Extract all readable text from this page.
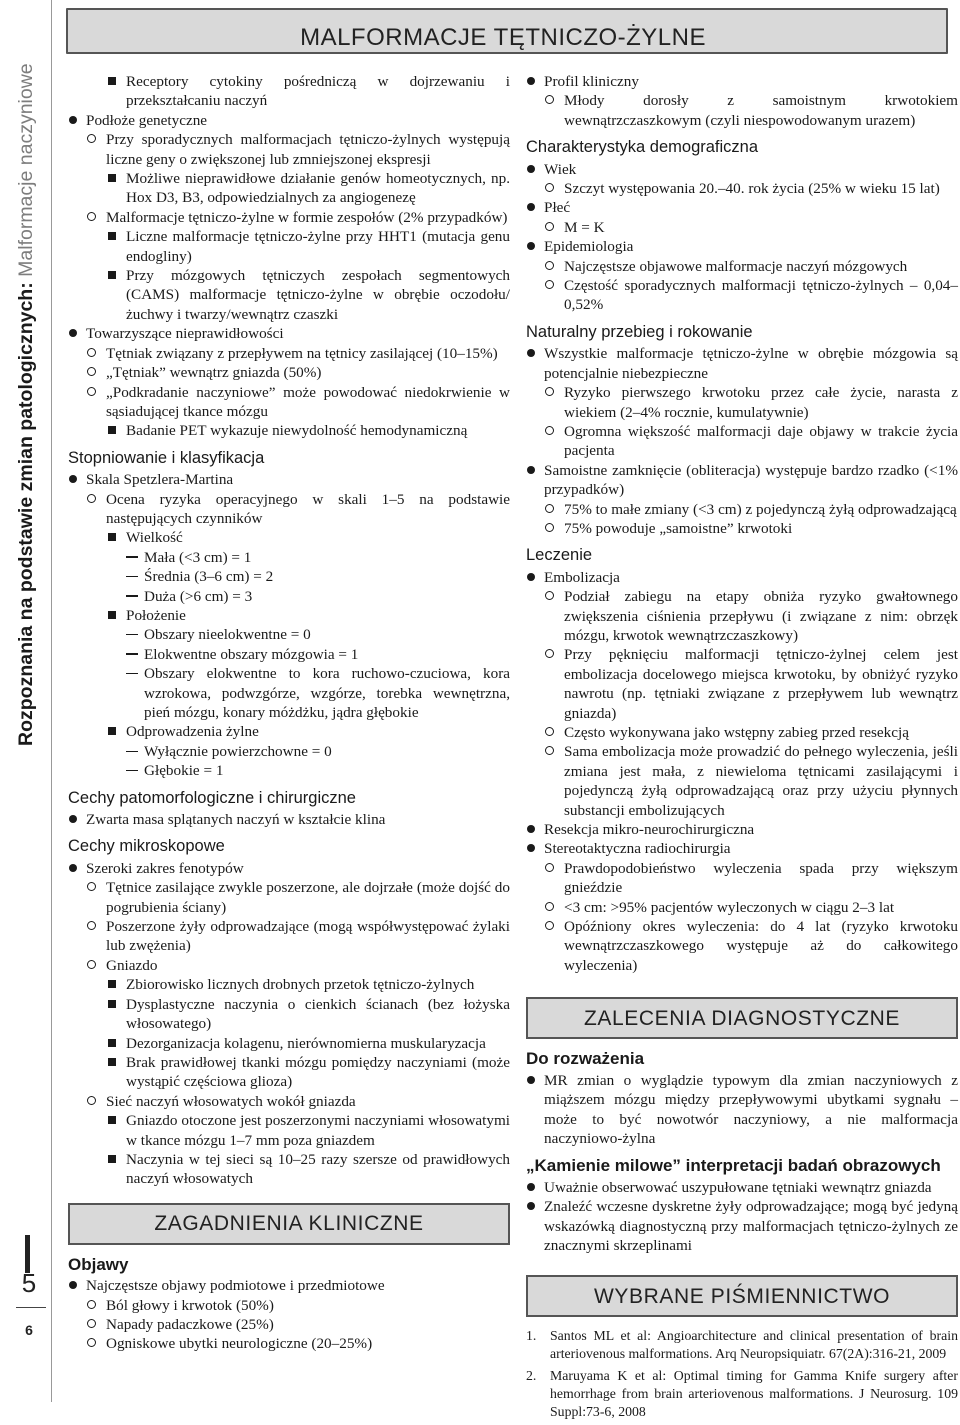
Rozpoznania na podstawie zmian patologicznych: Malformacje naczyniowe
5
6
MALFORMACJE TĘTNICZO-ŻYLNE
Receptory cytokiny pośredniczą w dojrzewaniu i przekształcaniu naczyń
Podłoże genetyczne
Przy sporadycznych malformacjach tętniczo-żylnych występują liczne geny o zwiększonej lub zmniejszonej ekspresji
Możliwe nieprawidłowe działanie genów homeotycznych, np. Hox D3, B3, odpowiedzialnych za angiogenezę
Malformacje tętniczo-żylne w formie zespołów (2% przypadków)
Liczne malformacje tętniczo-żylne przy HHT1 (mutacja genu endogliny)
Przy mózgowych tętniczych zespołach segmentowych (CAMS) malformacje tętniczo-żylne w obrębie oczodołu/żuchwy i twarzy/wewnątrz czaszki
Towarzyszące nieprawidłowości
Tętniak związany z przepływem na tętnicy zasilającej (10–15%)
„Tętniak” wewnątrz gniazda (50%)
„Podkradanie naczyniowe” może powodować niedokrwienie w sąsiadującej tkance mózgu
Badanie PET wykazuje niewydolność hemodynamiczną
Stopniowanie i klasyfikacja
Skala Spetzlera-Martina
Ocena ryzyka operacyjnego w skali 1–5 na podstawie następujących czynników
Wielkość
Mała (<3 cm) = 1
Średnia (3–6 cm) = 2
Duża (>6 cm) = 3
Położenie
Obszary nieelokwentne = 0
Elokwentne obszary mózgowia = 1
Obszary elokwentne to kora ruchowo-czuciowa, kora wzrokowa, podwzgórze, wzgórze, torebka wewnętrzna, pień mózgu, konary móżdżku, jądra głębokie
Odprowadzenia żylne
Wyłącznie powierzchowne = 0
Głębokie = 1
Cechy patomorfologiczne i chirurgiczne
Zwarta masa splątanych naczyń w kształcie klina
Cechy mikroskopowe
Szeroki zakres fenotypów
Tętnice zasilające zwykle poszerzone, ale dojrzałe (może dojść do pogrubienia ściany)
Poszerzone żyły odprowadzające (mogą współwystępować żylaki lub zwężenia)
Gniazdo
Zbiorowisko licznych drobnych przetok tętniczo-żylnych
Dysplastyczne naczynia o cienkich ścianach (bez łożyska włosowatego)
Dezorganizacja kolagenu, nierównomierna muskularyzacja
Brak prawidłowej tkanki mózgu pomiędzy naczyniami (może wystąpić częściowa glioza)
Sieć naczyń włosowatych wokół gniazda
Gniazdo otoczone jest poszerzonymi naczyniami włosowatymi w tkance mózgu 1–7 mm poza gniazdem
Naczynia w tej sieci są 10–25 razy szersze od prawidłowych naczyń włosowatych
ZAGADNIENIA KLINICZNE
Objawy
Najczęstsze objawy podmiotowe i przedmiotowe
Ból głowy i krwotok (50%)
Napady padaczkowe (25%)
Ogniskowe ubytki neurologiczne (20–25%)
Profil kliniczny
Młody dorosły z samoistnym krwotokiem wewnątrzczaszkowym (czyli niespowodowanym urazem)
Charakterystyka demograficzna
Wiek
Szczyt występowania 20.–40. rok życia (25% w wieku 15 lat)
Płeć
M = K
Epidemiologia
Najczęstsze objawowe malformacje naczyń mózgowych
Częstość sporadycznych malformacji tętniczo-żylnych – 0,04–0,52%
Naturalny przebieg i rokowanie
Wszystkie malformacje tętniczo-żylne w obrębie mózgowia są potencjalnie niebezpieczne
Ryzyko pierwszego krwotoku przez całe życie, narasta z wiekiem (2–4% rocznie, kumulatywnie)
Ogromna większość malformacji daje objawy w trakcie życia pacjenta
Samoistne zamknięcie (obliteracja) występuje bardzo rzadko (<1% przypadków)
75% to małe zmiany (<3 cm) z pojedynczą żyłą odprowadzającą
75% powoduje „samoistne” krwotoki
Leczenie
Embolizacja
Podział zabiegu na etapy obniża ryzyko gwałtownego zwiększenia ciśnienia przepływu (i związane z nim: obrzęk mózgu, krwotok wewnątrzczaszkowy)
Przy pęknięciu malformacji tętniczo-żylnej celem jest embolizacja docelowego miejsca krwotoku, by obniżyć ryzyko nawrotu (np. tętniaki związane z przepływem lub wewnątrz gniazda)
Często wykonywana jako wstępny zabieg przed resekcją
Sama embolizacja może prowadzić do pełnego wyleczenia, jeśli zmiana jest mała, z niewieloma tętnicami zasilającymi i pojedynczą żyłą odprowadzającą oraz przy użyciu płynnych substancji embolizujących
Resekcja mikro-neurochirurgiczna
Stereotaktyczna radiochirurgia
Prawdopodobieństwo wyleczenia spada przy większym gnieździe
<3 cm: >95% pacjentów wyleczonych w ciągu 2–3 lat
Opóźniony okres wyleczenia: do 4 lat (ryzyko krwotoku wewnątrzczaszkowego występuje aż do całkowitego wyleczenia)
ZALECENIA DIAGNOSTYCZNE
Do rozważenia
MR zmian o wyglądzie typowym dla zmian naczyniowych z miąższem mózgu między przepływowymi ubytkami sygnału – może to być nowotwór naczyniowy, a nie malformacja naczyniowo-żylna
„Kamienie milowe” interpretacji badań obrazowych
Uważnie obserwować uszypułowane tętniaki wewnątrz gniazda
Znaleźć wczesne dyskretne żyły odprowadzające; mogą być jedyną wskazówką diagnostyczną przy malformacjach tętniczo-żylnych ze znacznymi skrzeplinami
WYBRANE PIŚMIENNICTWO
1. Santos ML et al: Angioarchitecture and clinical presentation of brain arteriovenous malformations. Arq Neuropsiquiatr. 67(2A):316-21, 2009
2. Maruyama K et al: Optimal timing for Gamma Knife surgery after hemorrhage from brain arteriovenous malformations. J Neurosurg. 109 Suppl:73-6, 2008
